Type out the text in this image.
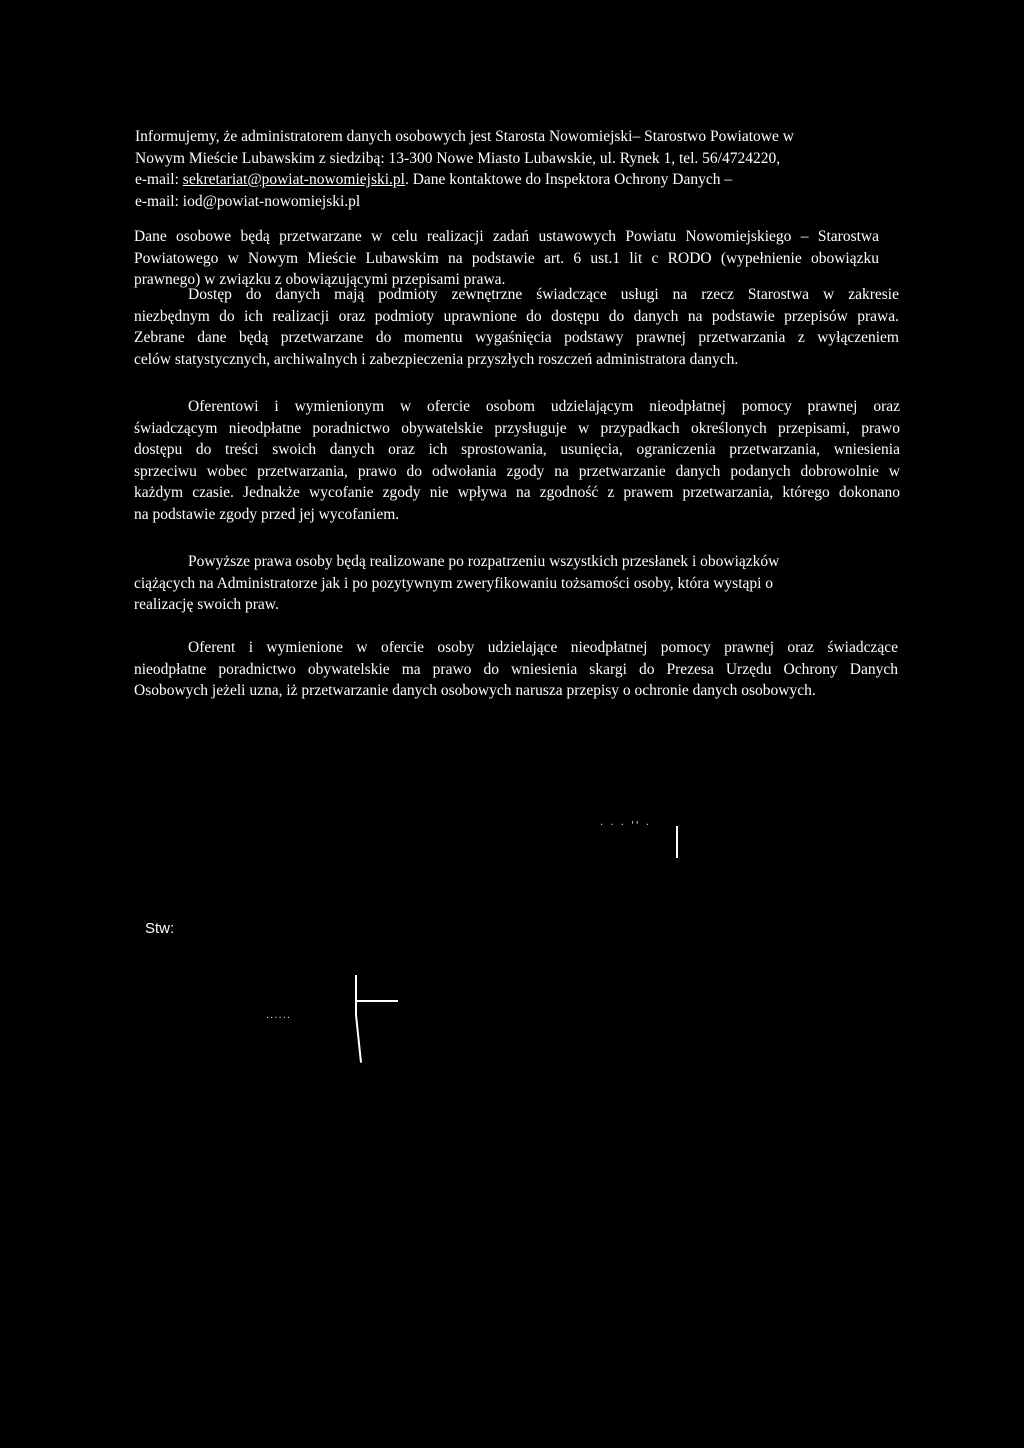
Informujemy, że administratorem danych osobowych jest Starosta Nowomiejski– Starostwo Powiatowe w
Nowym Mieście Lubawskim z siedzibą: 13-300 Nowe Miasto Lubawskie, ul. Rynek 1, tel. 56/4724220,
e-mail: sekretariat@powiat-nowomiejski.pl. Dane kontaktowe do Inspektora Ochrony Danych –
e-mail: iod@powiat-nowomiejski.pl
Dane osobowe będą przetwarzane w celu realizacji zadań ustawowych Powiatu Nowomiejskiego – Starostwa
Powiatowego w Nowym Mieście Lubawskim na podstawie art. 6 ust.1 lit c RODO (wypełnienie obowiązku
prawnego) w związku z obowiązującymi przepisami prawa.
Dostęp do danych mają podmioty zewnętrzne świadczące usługi na rzecz Starostwa w zakresie
niezbędnym do ich realizacji oraz podmioty uprawnione do dostępu do danych na podstawie przepisów prawa.
Zebrane dane będą przetwarzane do momentu wygaśnięcia podstawy prawnej przetwarzania z wyłączeniem
celów statystycznych, archiwalnych i zabezpieczenia przyszłych roszczeń administratora danych.
Oferentowi i wymienionym w ofercie osobom udzielającym nieodpłatnej pomocy prawnej oraz
świadczącym nieodpłatne poradnictwo obywatelskie przysługuje w przypadkach określonych przepisami, prawo
dostępu do treści swoich danych oraz ich sprostowania, usunięcia, ograniczenia przetwarzania, wniesienia
sprzeciwu wobec przetwarzania, prawo do odwołania zgody na przetwarzanie danych podanych dobrowolnie w
każdym czasie. Jednakże wycofanie zgody nie wpływa na zgodność z prawem przetwarzania, którego dokonano
na podstawie zgody przed jej wycofaniem.
Powyższe prawa osoby będą realizowane po rozpatrzeniu wszystkich przesłanek i obowiązków
ciążących na Administratorze jak i po pozytywnym zweryfikowaniu tożsamości osoby, która wystąpi o
realizację swoich praw.
Oferent i wymienione w ofercie osoby udzielające nieodpłatnej pomocy prawnej oraz świadczące
nieodpłatne poradnictwo obywatelskie ma prawo do wniesienia skargi do Prezesa Urzędu Ochrony Danych
Osobowych jeżeli uzna, iż przetwarzanie danych osobowych narusza przepisy o ochronie danych osobowych.
· · · '' ·
Stw:
......
